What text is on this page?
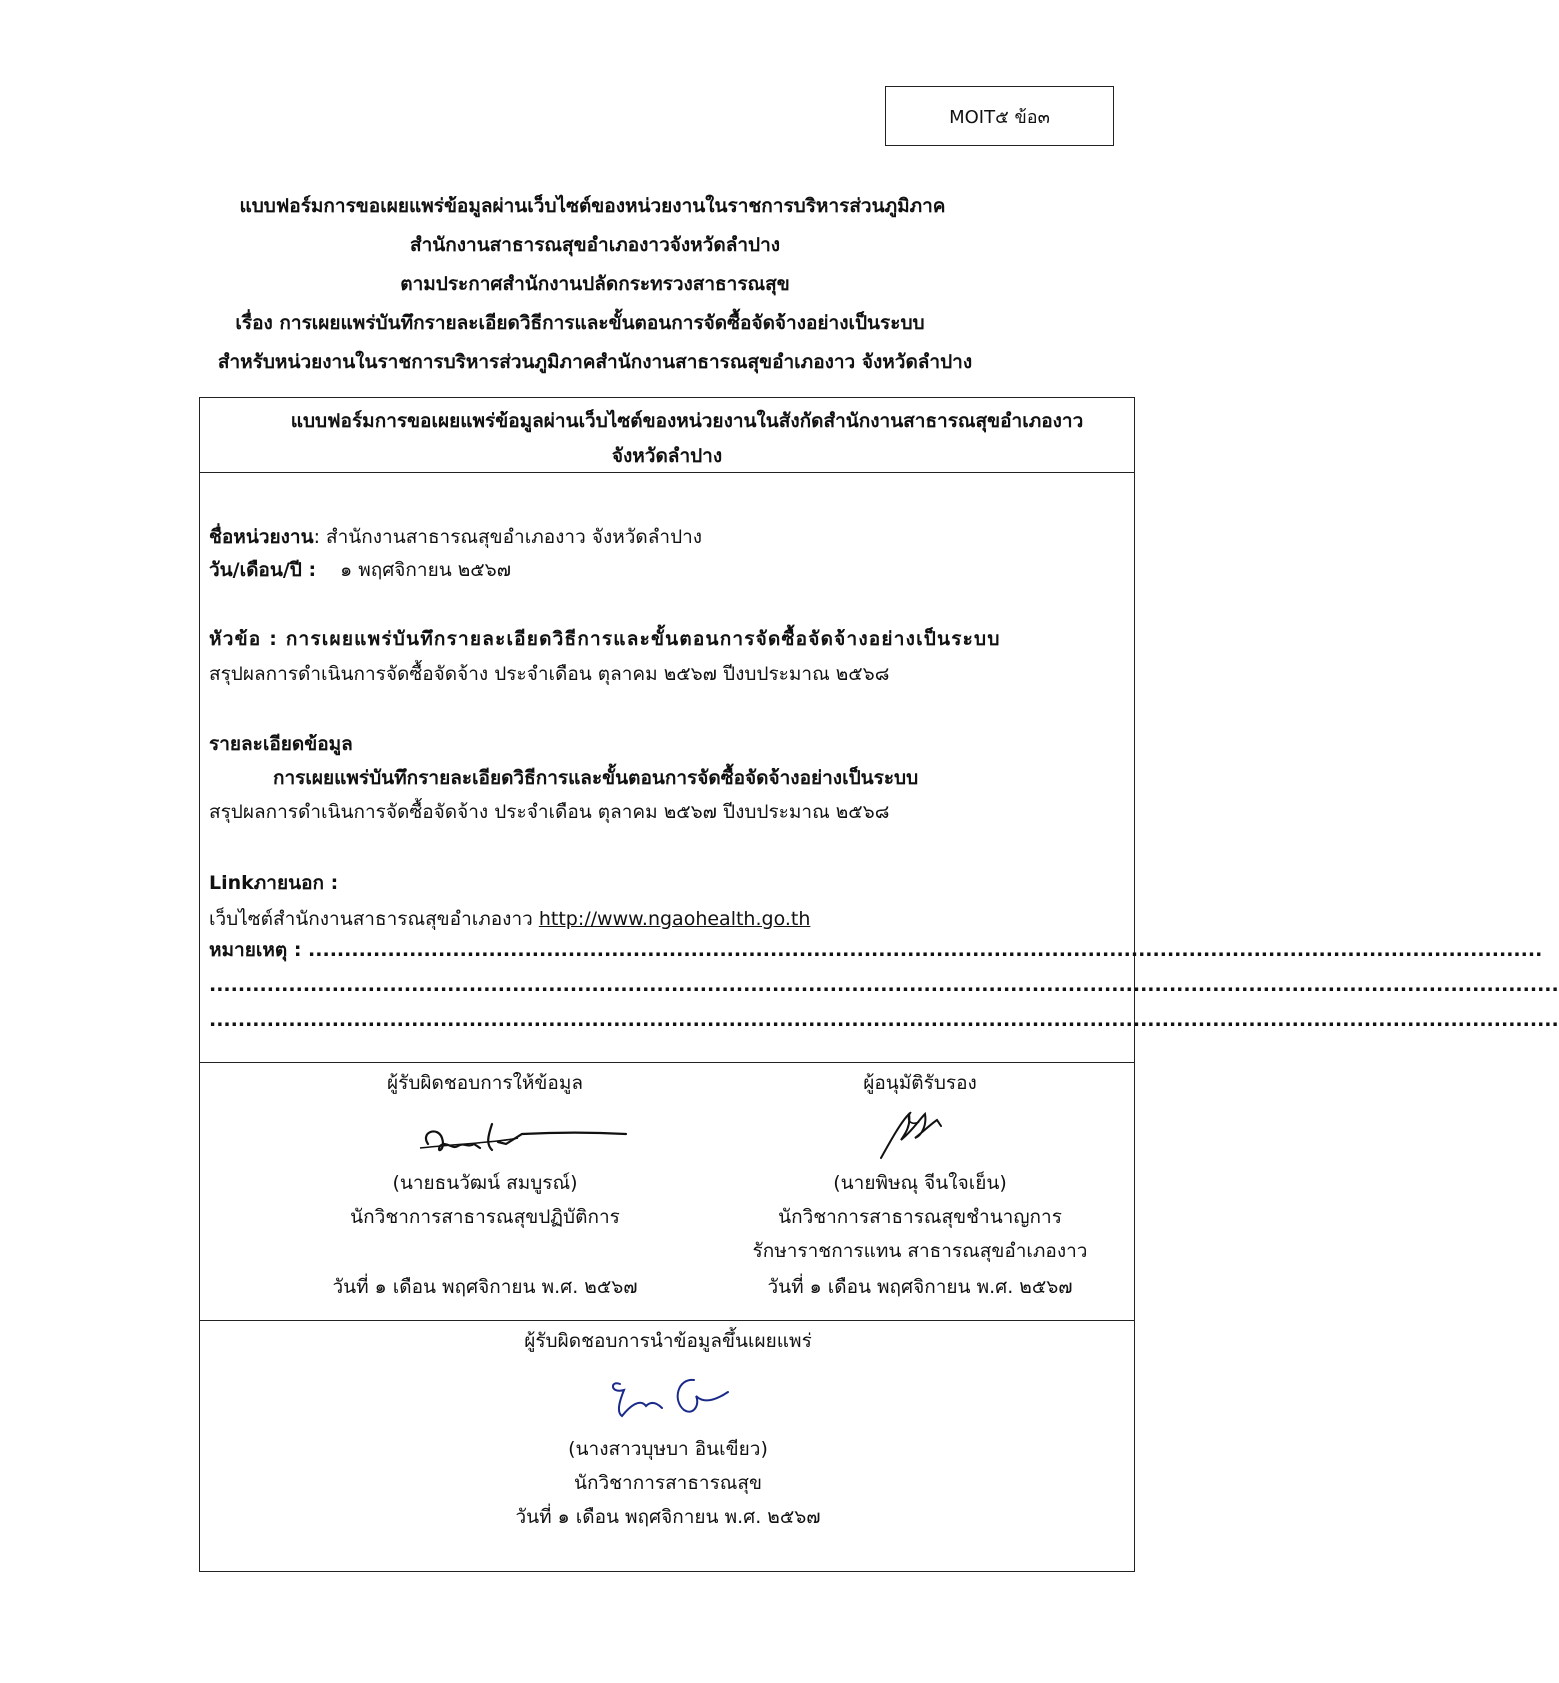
MOIT๕ ข้อ๓
แบบฟอร์มการขอเผยแพร่ข้อมูลผ่านเว็บไซต์ของหน่วยงานในราชการบริหารส่วนภูมิภาค
สำนักงานสาธารณสุขอำเภองาวจังหวัดลำปาง
ตามประกาศสำนักงานปลัดกระทรวงสาธารณสุข
เรื่อง การเผยแพร่บันทึกรายละเอียดวิธีการและขั้นตอนการจัดซื้อจัดจ้างอย่างเป็นระบบ
สำหรับหน่วยงานในราชการบริหารส่วนภูมิภาคสำนักงานสาธารณสุขอำเภองาว จังหวัดลำปาง
แบบฟอร์มการขอเผยแพร่ข้อมูลผ่านเว็บไซต์ของหน่วยงานในสังกัดสำนักงานสาธารณสุขอำเภองาว
จังหวัดลำปาง
ชื่อหน่วยงาน: สำนักงานสาธารณสุขอำเภองาว จังหวัดลำปาง
วัน/เดือน/ปี : ๑ พฤศจิกายน ๒๕๖๗
หัวข้อ : การเผยแพร่บันทึกรายละเอียดวิธีการและขั้นตอนการจัดซื้อจัดจ้างอย่างเป็นระบบ
สรุปผลการดำเนินการจัดซื้อจัดจ้าง ประจำเดือน ตุลาคม ๒๕๖๗ ปีงบประมาณ ๒๕๖๘
รายละเอียดข้อมูล
การเผยแพร่บันทึกรายละเอียดวิธีการและขั้นตอนการจัดซื้อจัดจ้างอย่างเป็นระบบ
สรุปผลการดำเนินการจัดซื้อจัดจ้าง ประจำเดือน ตุลาคม ๒๕๖๗ ปีงบประมาณ ๒๕๖๘
Linkภายนอก :
เว็บไซต์สำนักงานสาธารณสุขอำเภองาว http://www.ngaohealth.go.th
หมายเหตุ : ...........................................................................................................................................................................
...........................................................................................................................................................................................
...........................................................................................................................................................................................
ผู้รับผิดชอบการให้ข้อมูล
(นายธนวัฒน์ สมบูรณ์)
นักวิชาการสาธารณสุขปฏิบัติการ
วันที่ ๑ เดือน พฤศจิกายน พ.ศ. ๒๕๖๗
ผู้อนุมัติรับรอง
(นายพิษณุ จีนใจเย็น)
นักวิชาการสาธารณสุขชำนาญการ
รักษาราชการแทน สาธารณสุขอำเภองาว
วันที่ ๑ เดือน พฤศจิกายน พ.ศ. ๒๕๖๗
ผู้รับผิดชอบการนำข้อมูลขึ้นเผยแพร่
(นางสาวบุษบา อินเขียว)
นักวิชาการสาธารณสุข
วันที่ ๑ เดือน พฤศจิกายน พ.ศ. ๒๕๖๗
